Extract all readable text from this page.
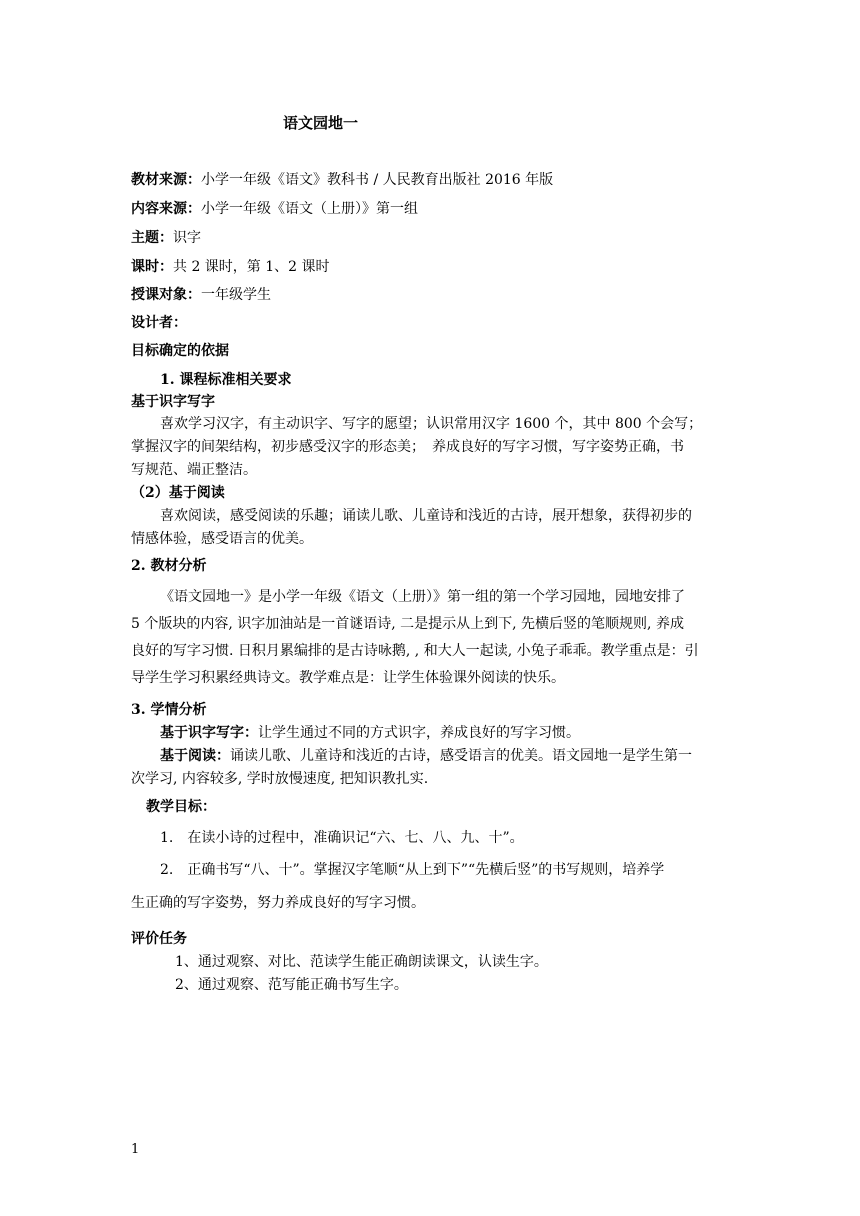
语文园地一
教材来源：小学一年级《语文》教科书 / 人民教育出版社 2016 年版
内容来源：小学一年级《语文（上册）》第一组
主题：识字
课时：共 2 课时，第 1、2 课时
授课对象：一年级学生
设计者：
目标确定的依据
1. 课程标准相关要求
基于识字写字
喜欢学习汉字，有主动识字、写字的愿望；认识常用汉字 1600 个，其中 800 个会写；
掌握汉字的间架结构，初步感受汉字的形态美；　养成良好的写字习惯，写字姿势正确，书
写规范、端正整洁。
（2）基于阅读
喜欢阅读，感受阅读的乐趣；诵读儿歌、儿童诗和浅近的古诗，展开想象，获得初步的
情感体验，感受语言的优美。
2. 教材分析
《语文园地一》是小学一年级《语文（上册）》第一组的第一个学习园地，园地安排了
5 个版块的内容, 识字加油站是一首谜语诗, 二是提示从上到下, 先横后竖的笔顺规则, 养成
良好的写字习惯. 日积月累编排的是古诗咏鹅, , 和大人一起读, 小兔子乖乖。教学重点是：引
导学生学习积累经典诗文。教学难点是：让学生体验课外阅读的快乐。
3. 学情分析
基于识字写字：让学生通过不同的方式识字，养成良好的写字习惯。
基于阅读：诵读儿歌、儿童诗和浅近的古诗，感受语言的优美。语文园地一是学生第一
次学习, 内容较多, 学时放慢速度, 把知识教扎实.
教学目标：
1.　在读小诗的过程中，准确识记“六、七、八、九、十”。
2.　正确书写“八、十”。掌握汉字笔顺“从上到下”“先横后竖”的书写规则，培养学
生正确的写字姿势，努力养成良好的写字习惯。
评价任务
1、通过观察、对比、范读学生能正确朗读课文，认读生字。
2、通过观察、范写能正确书写生字。
1
